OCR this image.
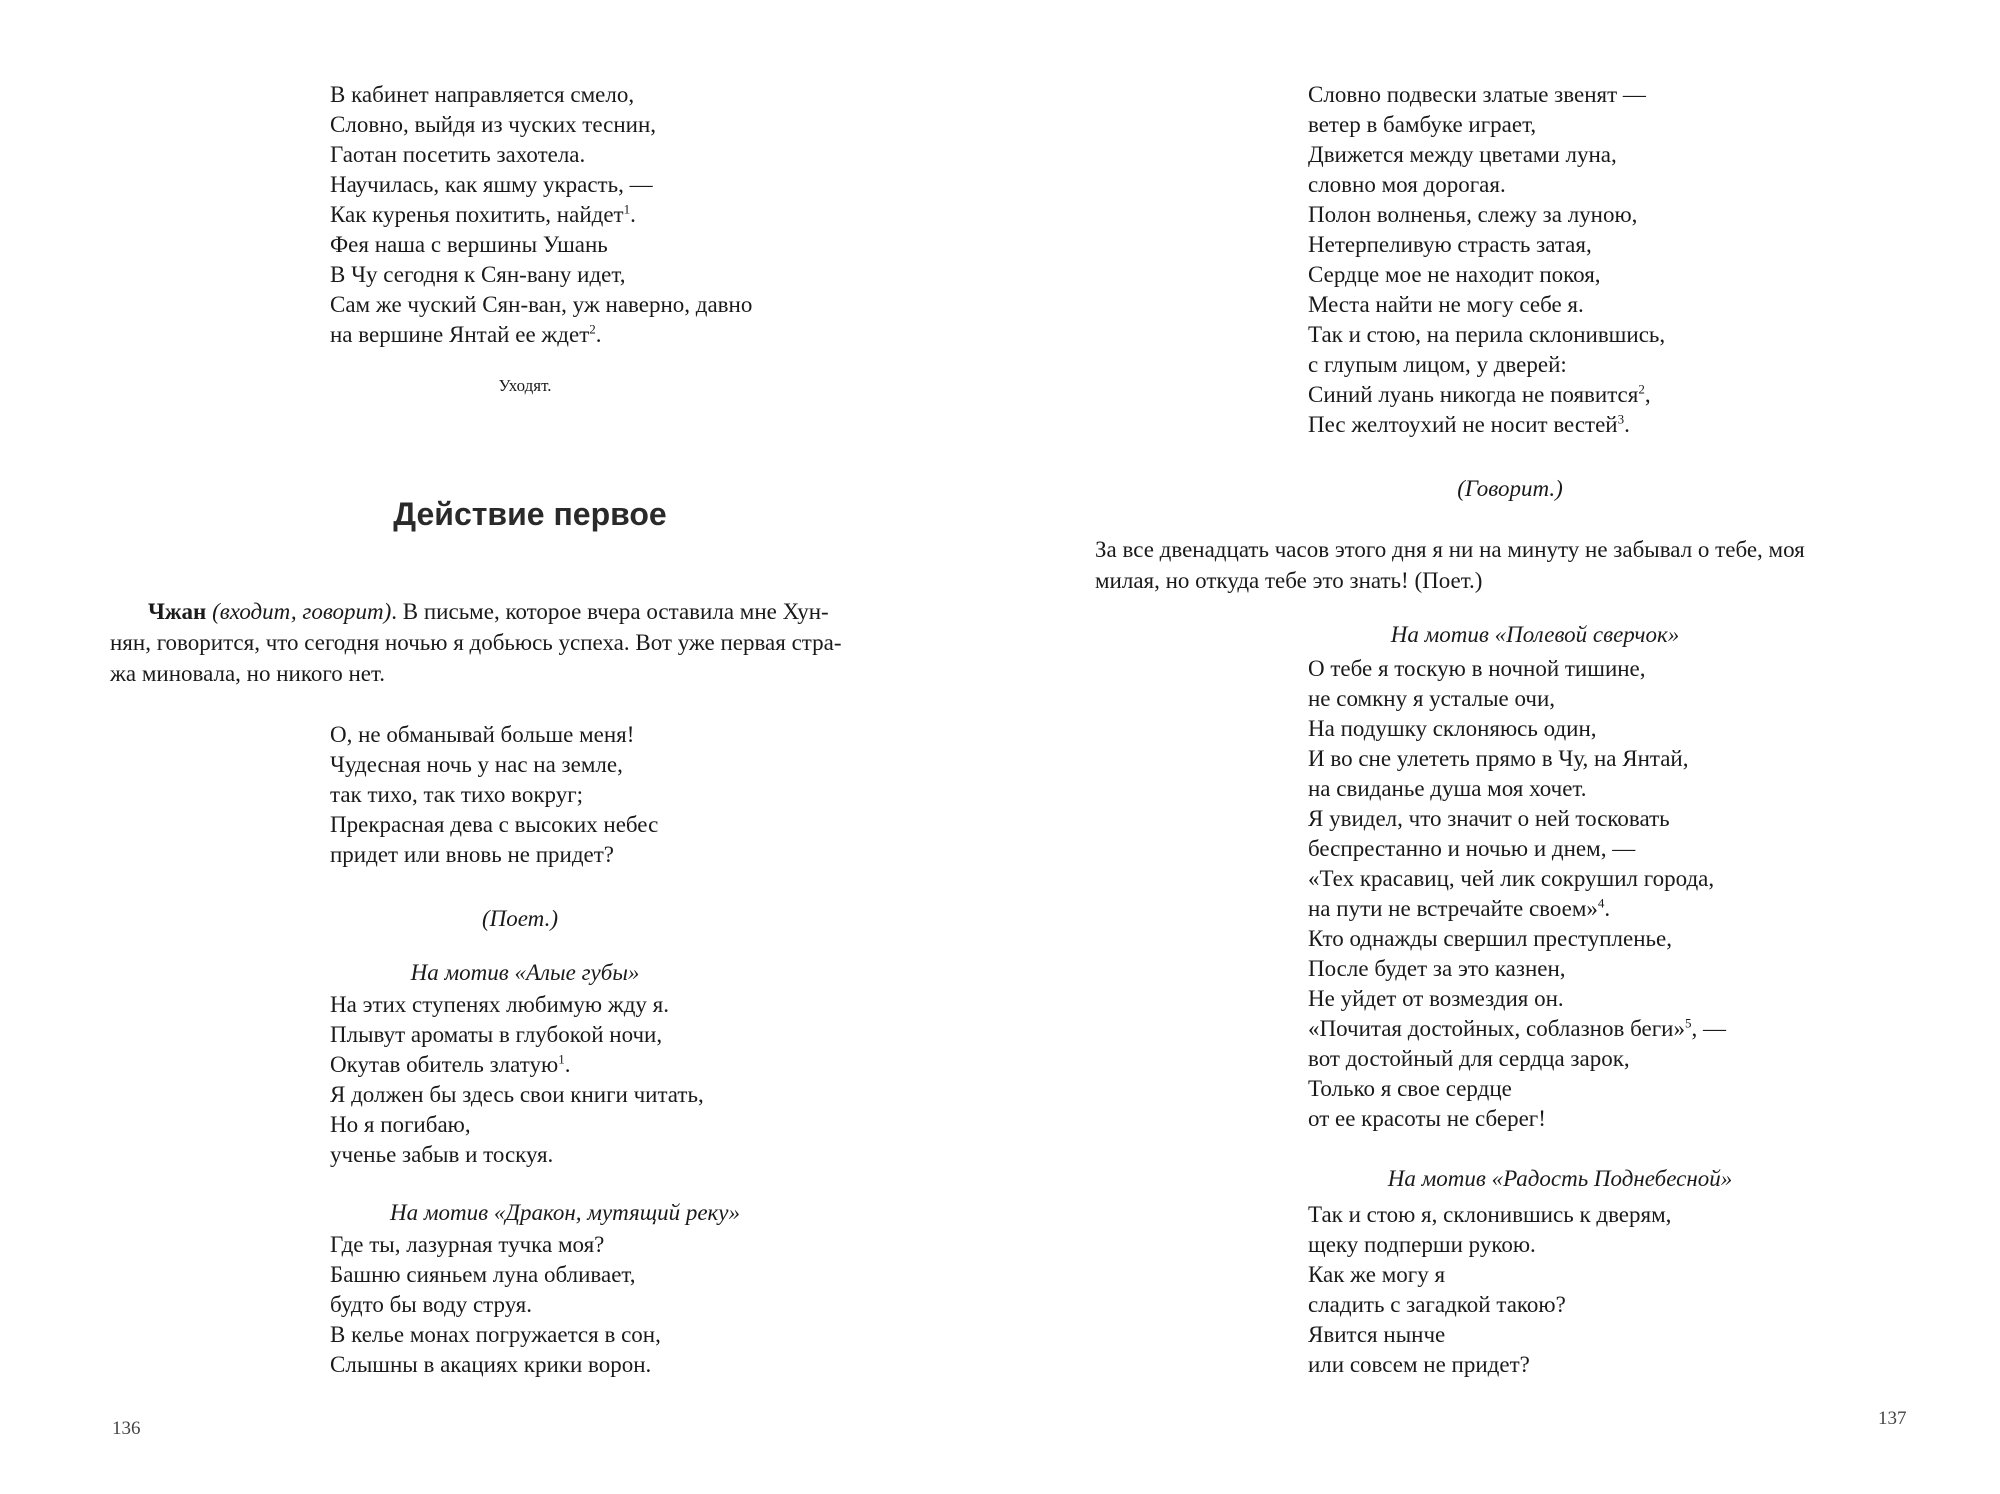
В кабинет направляется смело,
Словно, выйдя из чуских теснин,
Гаотан посетить захотела.
Научилась, как яшму украсть, —
Как куренья похитить, найдет$^1$.
Фея наша с вершины Ушань
В Чу сегодня к Сян-вану идет,
Сам же чуский Сян-ван, уж наверно, давно
на вершине Янтай ее ждет$^2$.
Уходят.
Действие первое
Чжан (входит, говорит). В письме, которое вчера оставила мне Хун-
нян, говорится, что сегодня ночью я добьюсь успеха. Вот уже первая стра-
жа миновала, но никого нет.
О, не обманывай больше меня!
Чудесная ночь у нас на земле,
так тихо, так тихо вокруг;
Прекрасная дева с высоких небес
придет или вновь не придет?
(Поет.)
На мотив «Алые губы»
На этих ступенях любимую жду я.
Плывут ароматы в глубокой ночи,
Окутав обитель златую$^1$.
Я должен бы здесь свои книги читать,
Но я погибаю,
ученье забыв и тоскуя.
На мотив «Дракон, мутящий реку»
Где ты, лазурная тучка моя?
Башню сияньем луна обливает,
будто бы воду струя.
В келье монах погружается в сон,
Слышны в акациях крики ворон.
136
Словно подвески златые звенят —
ветер в бамбуке играет,
Движется между цветами луна,
словно моя дорогая.
Полон волненья, слежу за луною,
Нетерпеливую страсть затая,
Сердце мое не находит покоя,
Места найти не могу себе я.
Так и стою, на перила склонившись,
с глупым лицом, у дверей:
Синий луань никогда не появится$^2$,
Пес желтоухий не носит вестей$^3$.
(Говорит.)
За все двенадцать часов этого дня я ни на минуту не забывал о тебе, моя
милая, но откуда тебе это знать! (Поет.)
На мотив «Полевой сверчок»
О тебе я тоскую в ночной тишине,
не сомкну я усталые очи,
На подушку склоняюсь один,
И во сне улететь прямо в Чу, на Янтай,
на свиданье душа моя хочет.
Я увидел, что значит о ней тосковать
беспрестанно и ночью и днем, —
«Тех красавиц, чей лик сокрушил города,
на пути не встречайте своем»$^4$.
Кто однажды свершил преступленье,
После будет за это казнен,
Не уйдет от возмездия он.
«Почитая достойных, соблазнов беги»$^5$, —
вот достойный для сердца зарок,
Только я свое сердце
от ее красоты не сберег!
На мотив «Радость Поднебесной»
Так и стою я, склонившись к дверям,
щеку подперши рукою.
Как же могу я
сладить с загадкой такою?
Явится нынче
или совсем не придет?
137
